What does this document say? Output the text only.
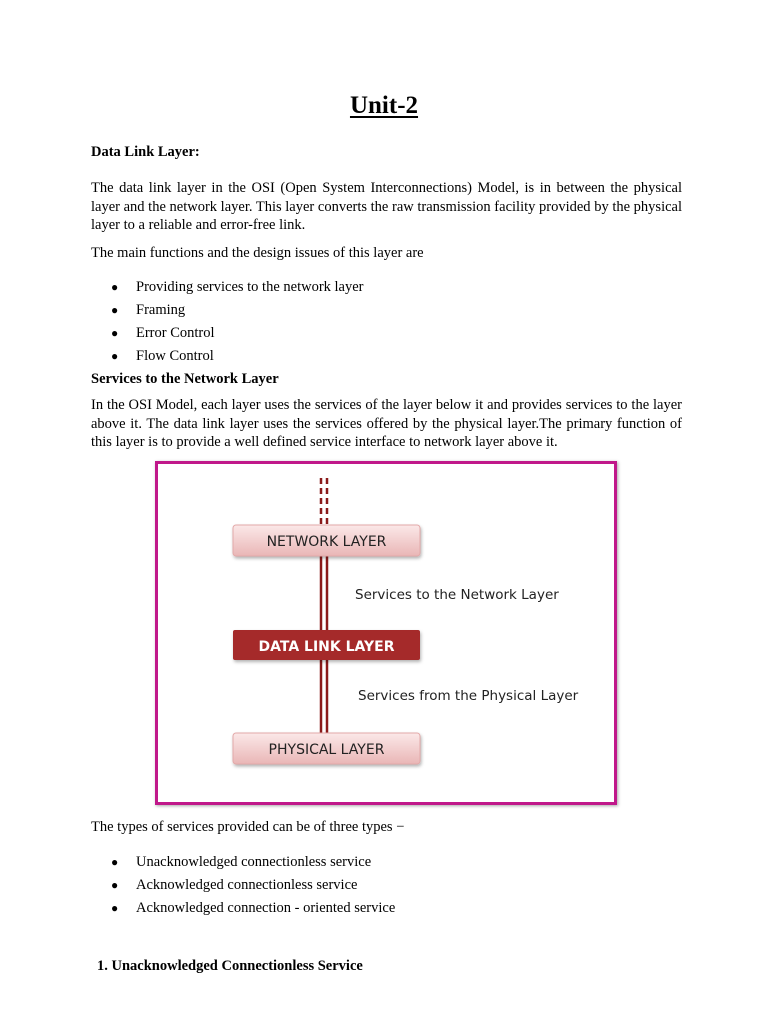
Unit-2
Data Link Layer:

The data link layer in the OSI (Open System Interconnections) Model, is in between the physical layer and the network layer. This layer converts the raw transmission facility provided by the physical layer to a reliable and error-free link.

The main functions and the design issues of this layer are

● Providing services to the network layer
● Framing
● Error Control
● Flow Control
Services to the Network Layer

In the OSI Model, each layer uses the services of the layer below it and provides services to the layer above it. The data link layer uses the services offered by the physical layer.The primary function of this layer is to provide a well defined service interface to network layer above it.

NETWORK LAYER
Services to the Network Layer
DATA LINK LAYER
Services from the Physical Layer
PHYSICAL LAYER

The types of services provided can be of three types −

● Unacknowledged connectionless service
● Acknowledged connectionless service
● Acknowledged connection - oriented service
1. Unacknowledged Connectionless Service
